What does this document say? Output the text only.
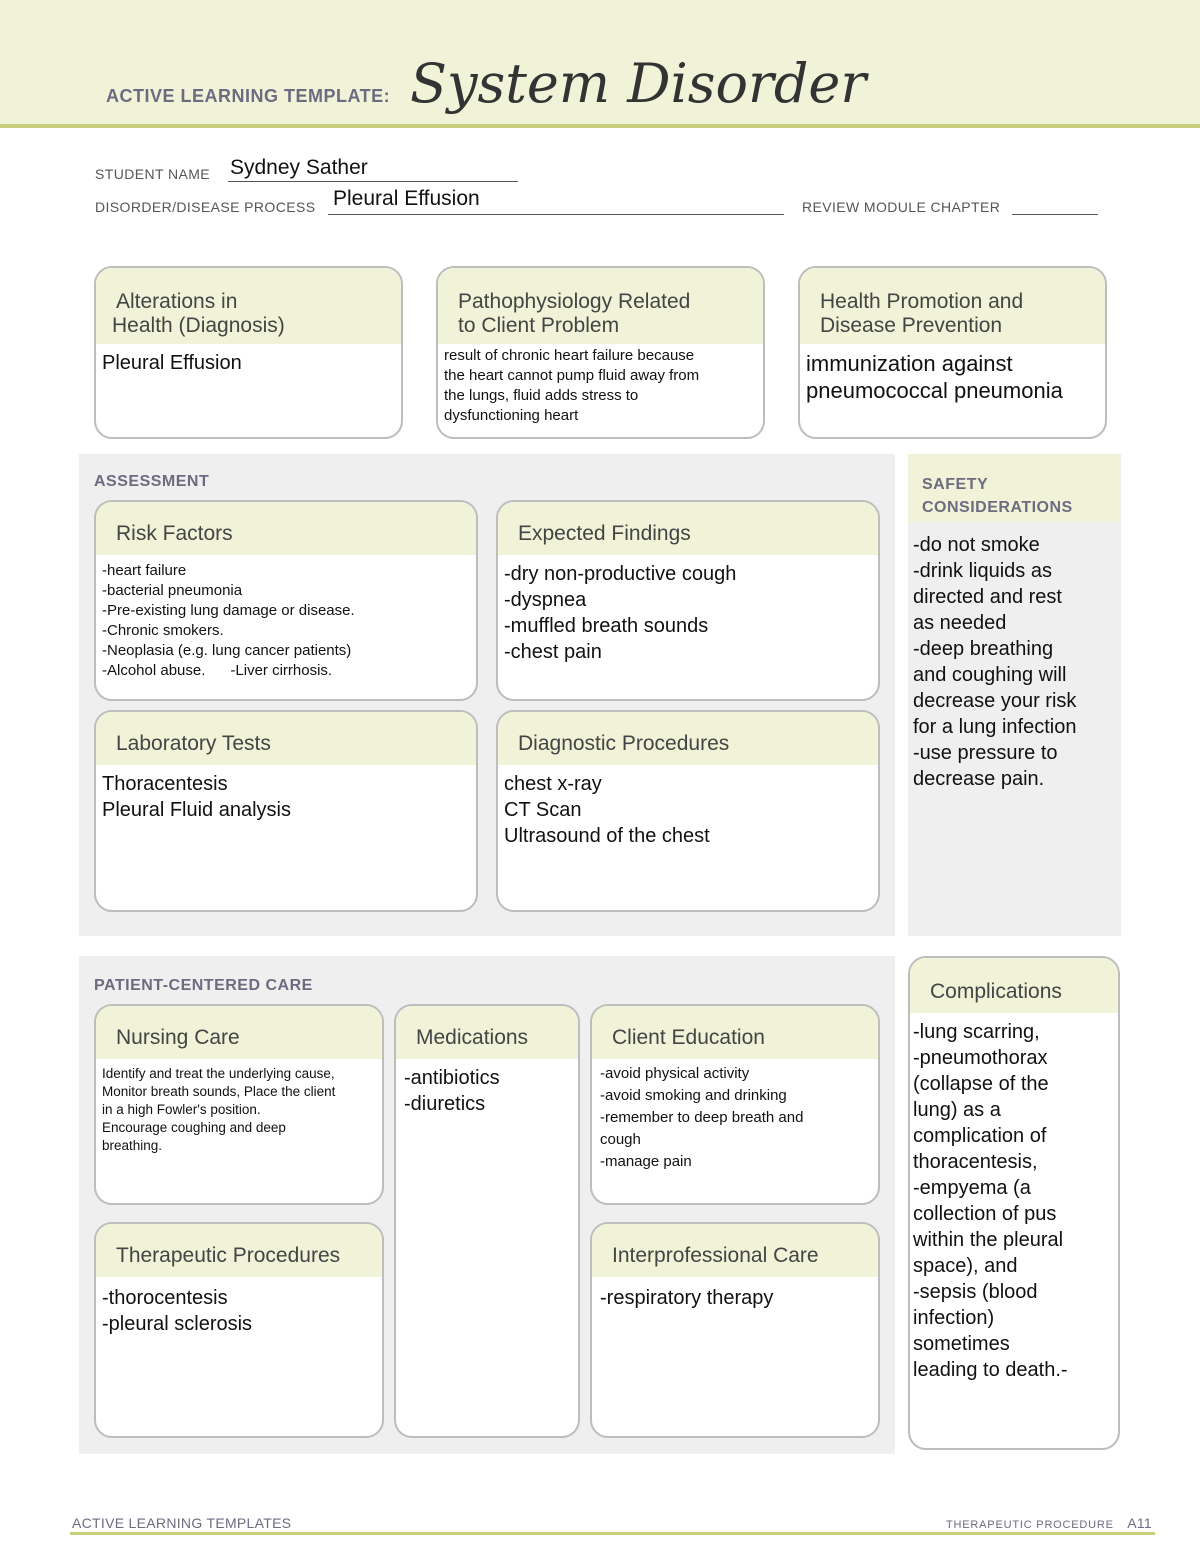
ACTIVE LEARNING TEMPLATE: System Disorder
STUDENT NAME Sydney Sather
DISORDER/DISEASE PROCESS Pleural Effusion	REVIEW MODULE CHAPTER
Alterations in
Health (Diagnosis)
Pleural Effusion
Pathophysiology Related
to Client Problem
result of chronic heart failure because
the heart cannot pump fluid away from
the lungs, fluid adds stress to
dysfunctioning heart
Health Promotion and
Disease Prevention
immunization against
pneumococcal pneumonia
ASSESSMENT
Risk Factors
-heart failure
-bacterial pneumonia
-Pre-existing lung damage or disease.
-Chronic smokers.
-Neoplasia (e.g. lung cancer patients)
-Alcohol abuse.      -Liver cirrhosis.
Expected Findings
-dry non-productive cough
-dyspnea
-muffled breath sounds
-chest pain
Laboratory Tests
Thoracentesis
Pleural Fluid analysis
Diagnostic Procedures
chest x-ray
CT Scan
Ultrasound of the chest
SAFETY
CONSIDERATIONS
-do not smoke
-drink liquids as
directed and rest
as needed
-deep breathing
and coughing will
decrease your risk
for a lung infection
-use pressure to
decrease pain.
PATIENT-CENTERED CARE
Nursing Care
Identify and treat the underlying cause,
Monitor breath sounds, Place the client
in a high Fowler's position.
Encourage coughing and deep
breathing.
Medications
-antibiotics
-diuretics
Client Education
-avoid physical activity
-avoid smoking and drinking
-remember to deep breath and
cough
-manage pain
Therapeutic Procedures
-thorocentesis
-pleural sclerosis
Interprofessional Care
-respiratory therapy
Complications
-lung scarring,
-pneumothorax
(collapse of the
lung) as a
complication of
thoracentesis,
-empyema (a
collection of pus
within the pleural
space), and
-sepsis (blood
infection)
sometimes
leading to death.-
ACTIVE LEARNING TEMPLATES	THERAPEUTIC PROCEDURE A11
